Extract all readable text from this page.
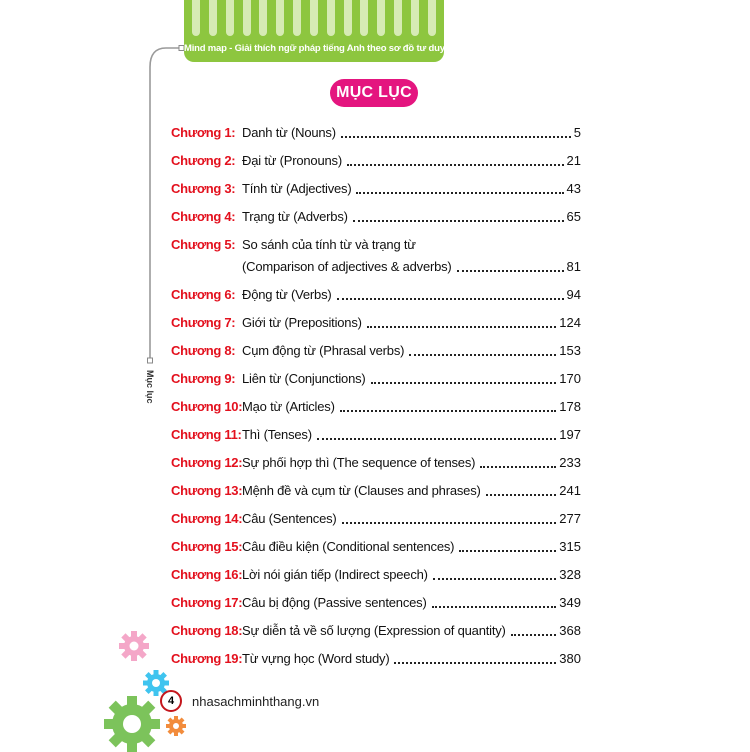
Mind map - Giải thích ngữ pháp tiếng Anh theo sơ đồ tư duy
Mục lục
MỤC LỤC
Chương 1: Danh từ (Nouns)	5
Chương 2: Đại từ (Pronouns)	21
Chương 3: Tính từ (Adjectives)	43
Chương 4: Trạng từ (Adverbs)	65
Chương 5: So sánh của tính từ và trạng từ
(Comparison of adjectives & adverbs)	81
Chương 6: Động từ (Verbs)	94
Chương 7: Giới từ (Prepositions)	124
Chương 8: Cụm động từ (Phrasal verbs)	153
Chương 9: Liên từ (Conjunctions)	170
Chương 10: Mạo từ (Articles)	178
Chương 11: Thì (Tenses)	197
Chương 12: Sự phối hợp thì (The sequence of tenses)	233
Chương 13: Mệnh đề và cụm từ (Clauses and phrases)	241
Chương 14: Câu (Sentences)	277
Chương 15: Câu điều kiện (Conditional sentences)	315
Chương 16: Lời nói gián tiếp (Indirect speech)	328
Chương 17: Câu bị động (Passive sentences)	349
Chương 18: Sự diễn tả về số lượng (Expression of quantity)	368
Chương 19: Từ vựng học (Word study)	380
4	nhasachminhthang.vn
